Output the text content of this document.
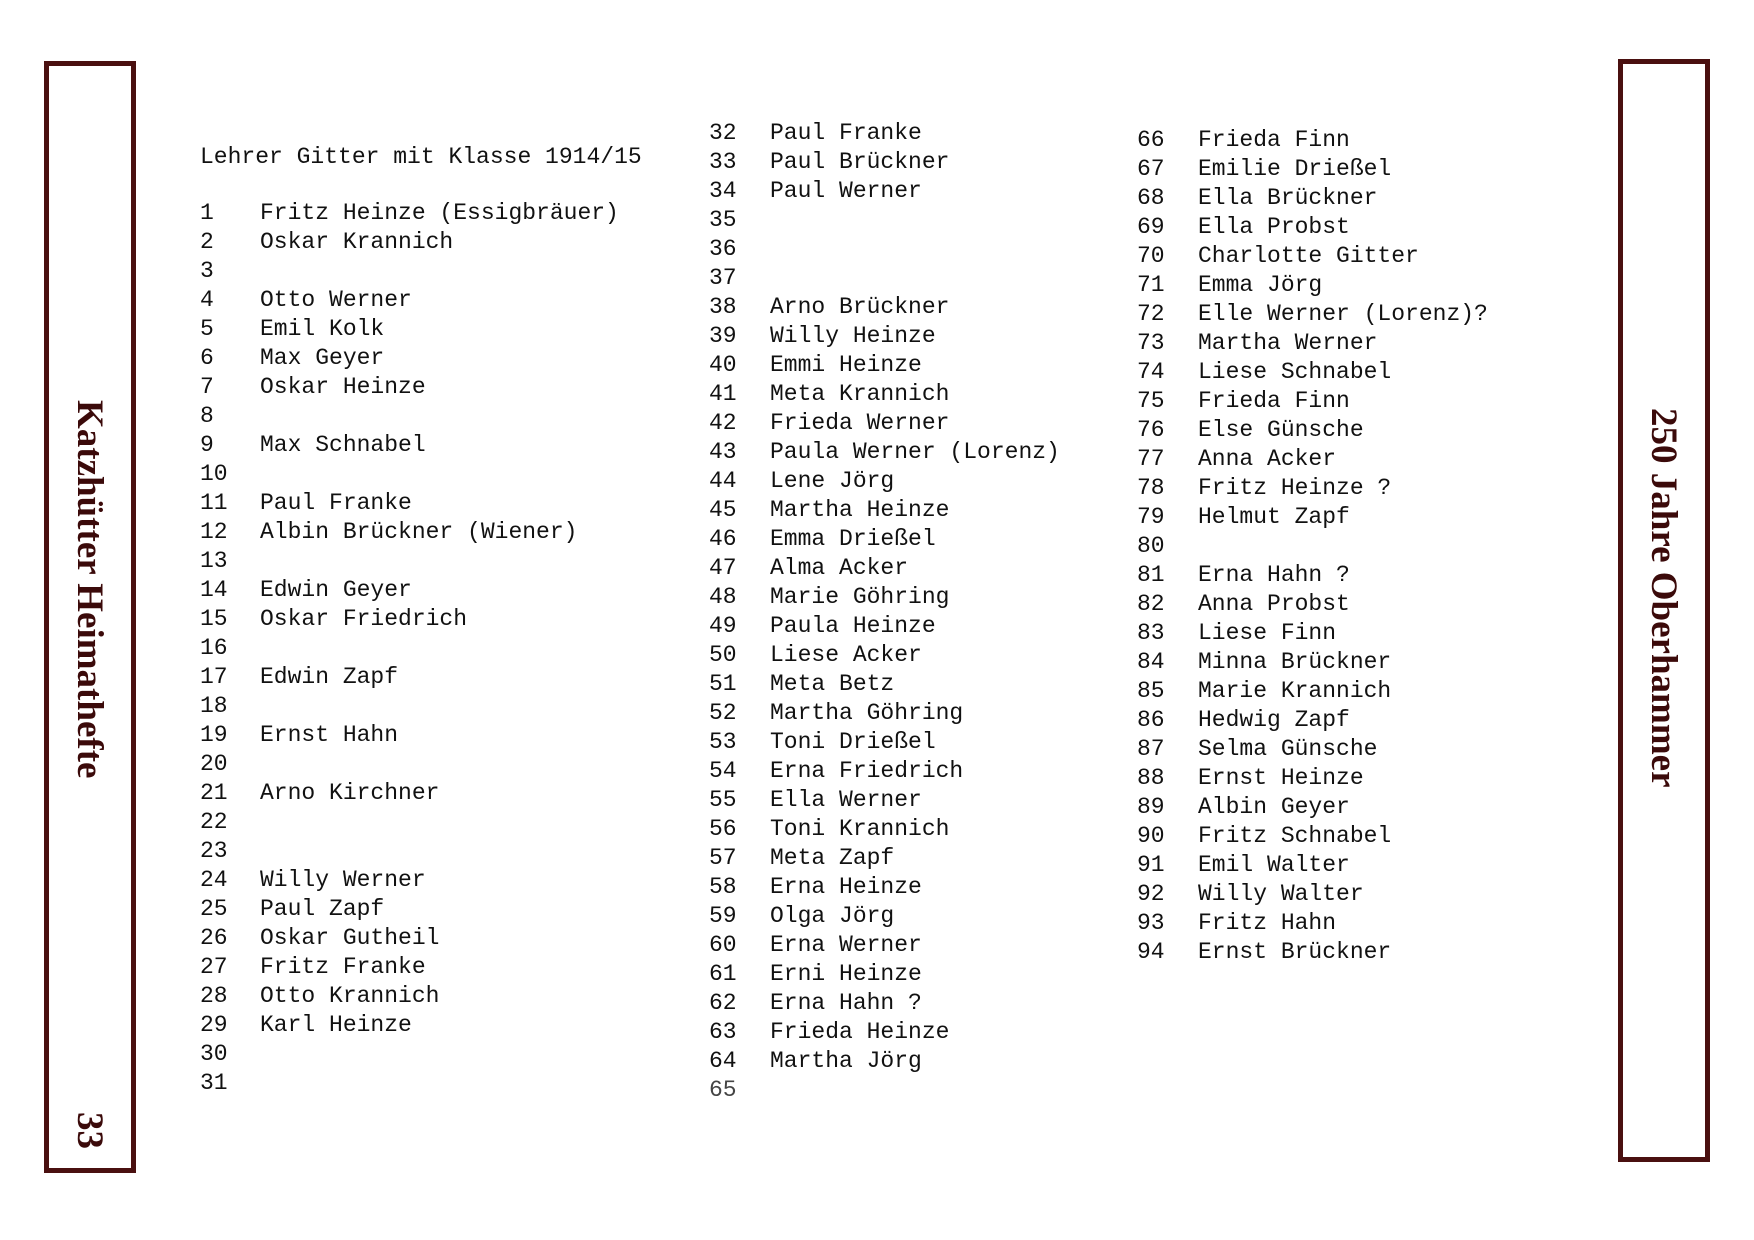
Katzhütter Heimathefte
33
250 Jahre Oberhammer
Lehrer Gitter mit Klasse 1914/15
1 Fritz Heinze (Essigbräuer)
2 Oskar Krannich
3
4 Otto Werner
5 Emil Kolk
6 Max Geyer
7 Oskar Heinze
8
9 Max Schnabel
10
11 Paul Franke
12 Albin Brückner (Wiener)
13
14 Edwin Geyer
15 Oskar Friedrich
16
17 Edwin Zapf
18
19 Ernst Hahn
20
21 Arno Kirchner
22
23
24 Willy Werner
25 Paul Zapf
26 Oskar Gutheil
27 Fritz Franke
28 Otto Krannich
29 Karl Heinze
30
31
32 Paul Franke
33 Paul Brückner
34 Paul Werner
35
36
37
38 Arno Brückner
39 Willy Heinze
40 Emmi Heinze
41 Meta Krannich
42 Frieda Werner
43 Paula Werner (Lorenz)
44 Lene Jörg
45 Martha Heinze
46 Emma Drießel
47 Alma Acker
48 Marie Göhring
49 Paula Heinze
50 Liese Acker
51 Meta Betz
52 Martha Göhring
53 Toni Drießel
54 Erna Friedrich
55 Ella Werner
56 Toni Krannich
57 Meta Zapf
58 Erna Heinze
59 Olga Jörg
60 Erna Werner
61 Erni Heinze
62 Erna Hahn ?
63 Frieda Heinze
64 Martha Jörg
65
66 Frieda Finn
67 Emilie Drießel
68 Ella Brückner
69 Ella Probst
70 Charlotte Gitter
71 Emma Jörg
72 Elle Werner (Lorenz)?
73 Martha Werner
74 Liese Schnabel
75 Frieda Finn
76 Else Günsche
77 Anna Acker
78 Fritz Heinze ?
79 Helmut Zapf
80
81 Erna Hahn ?
82 Anna Probst
83 Liese Finn
84 Minna Brückner
85 Marie Krannich
86 Hedwig Zapf
87 Selma Günsche
88 Ernst Heinze
89 Albin Geyer
90 Fritz Schnabel
91 Emil Walter
92 Willy Walter
93 Fritz Hahn
94 Ernst Brückner
